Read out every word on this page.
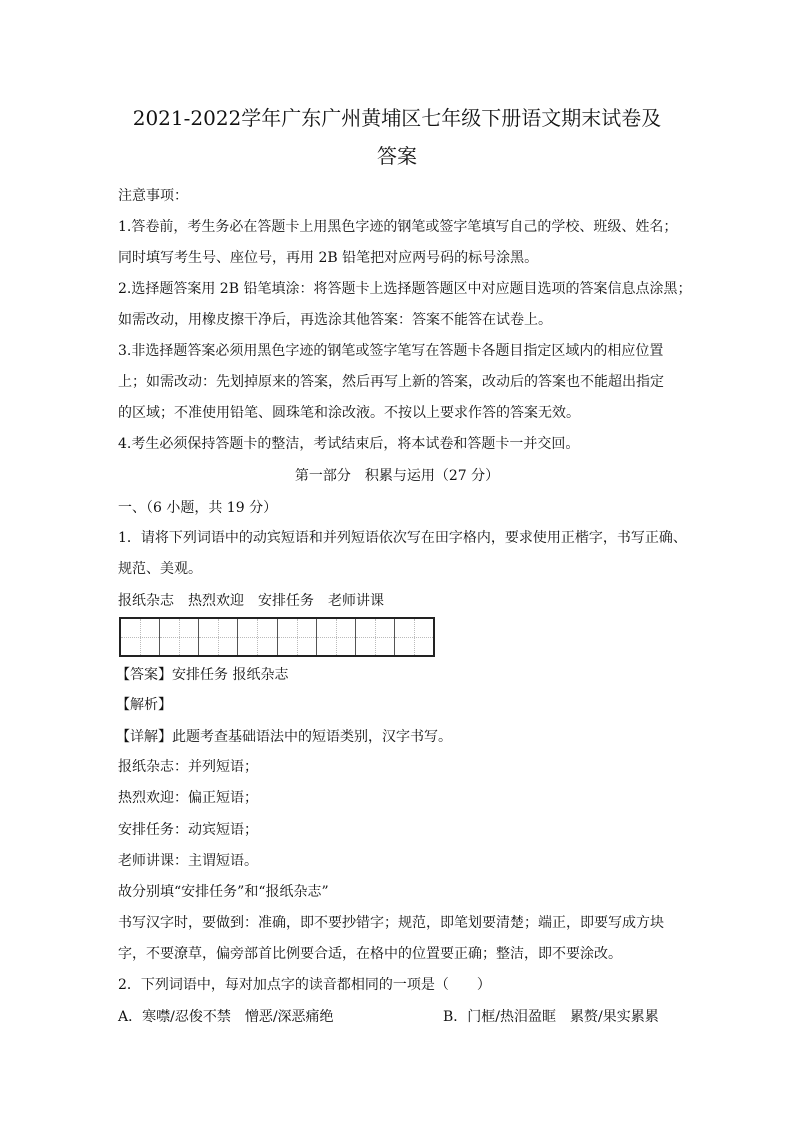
2021-2022学年广东广州黄埔区七年级下册语文期末试卷及
答案
注意事项：
1.答卷前，考生务必在答题卡上用黑色字迹的钢笔或签字笔填写自己的学校、班级、姓名；
同时填写考生号、座位号，再用 2B 铅笔把对应两号码的标号涂黑。
2.选择题答案用 2B 铅笔填涂：将答题卡上选择题答题区中对应题目选项的答案信息点涂黑；
如需改动，用橡皮擦干净后，再选涂其他答案：答案不能答在试卷上。
3.非选择题答案必须用黑色字迹的钢笔或签字笔写在答题卡各题目指定区域内的相应位置
上；如需改动：先划掉原来的答案，然后再写上新的答案，改动后的答案也不能超出指定
的区域；不准使用铅笔、圆珠笔和涂改液。不按以上要求作答的答案无效。
4.考生必须保持答题卡的整洁，考试结束后，将本试卷和答题卡一并交回。
第一部分　积累与运用（27 分）
一、（6 小题，共 19 分）
1．请将下列词语中的动宾短语和并列短语依次写在田字格内，要求使用正楷字，书写正确、
规范、美观。
报纸杂志　热烈欢迎　安排任务　老师讲课
【答案】安排任务 报纸杂志
【解析】
【详解】此题考查基础语法中的短语类别，汉字书写。
报纸杂志：并列短语；
热烈欢迎：偏正短语；
安排任务：动宾短语；
老师讲课：主谓短语。
故分别填“安排任务”和“报纸杂志”
书写汉字时，要做到：准确，即不要抄错字；规范，即笔划要清楚；端正，即要写成方块
字，不要潦草，偏旁部首比例要合适，在格中的位置要正确；整洁，即不要涂改。
2．下列词语中，每对加点字的读音都相同的一项是（　　）
A．寒噤/忍俊不禁　憎恶/深恶痛绝	B．门框/热泪盈眶　累赘/果实累累
